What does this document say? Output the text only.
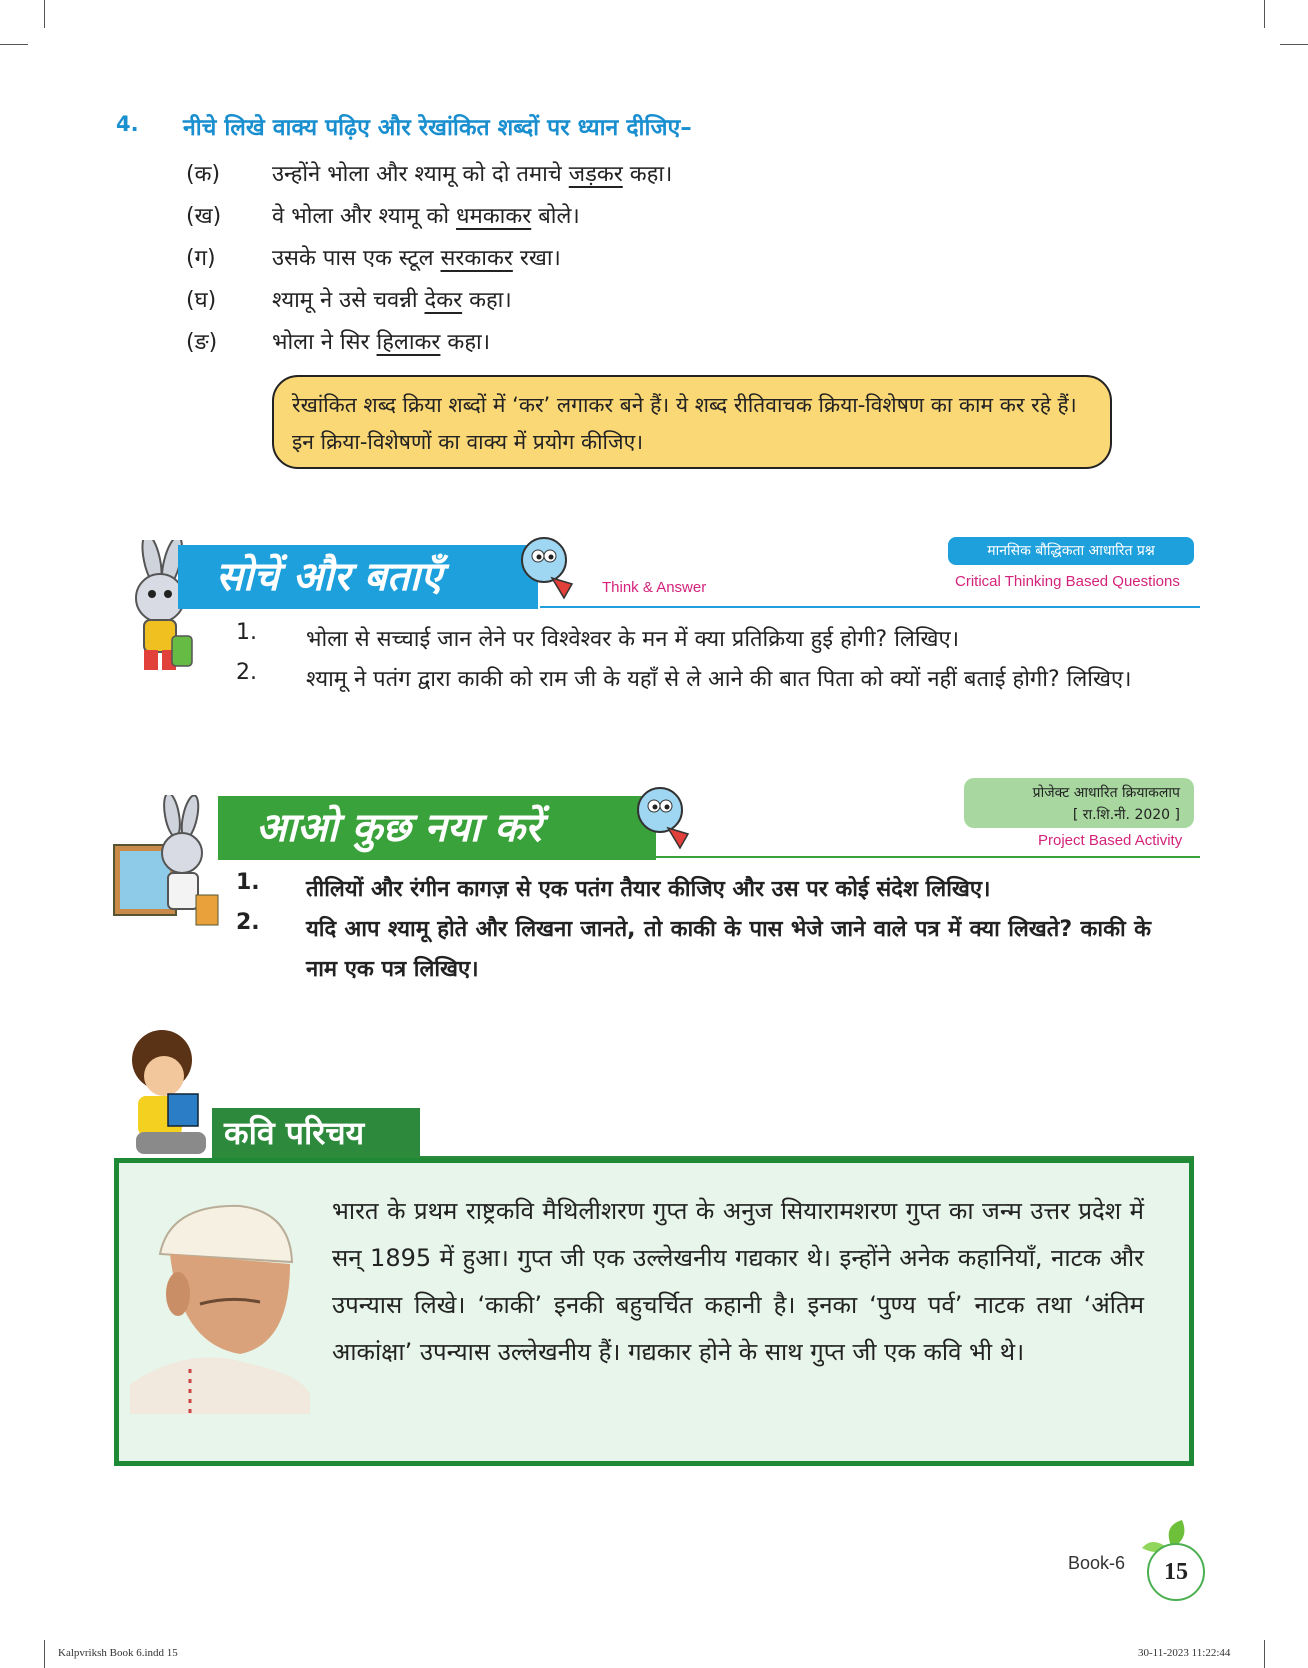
4. नीचे लिखे वाक्य पढ़िए और रेखांकित शब्दों पर ध्यान दीजिए–
(क) उन्होंने भोला और श्यामू को दो तमाचे जड़कर कहा।
(ख) वे भोला और श्यामू को धमकाकर बोले।
(ग)	उसके पास एक स्टूल सरकाकर रखा।
(घ)	श्यामू ने उसे चवन्नी देकर कहा।
(ङ) भोला ने सिर हिलाकर कहा।
रेखांकित शब्द क्रिया शब्दों में ‘कर’ लगाकर बने हैं। ये शब्द रीतिवाचक क्रिया-विशेषण का काम कर रहे हैं। इन क्रिया-विशेषणों का वाक्य में प्रयोग कीजिए।
सोचें और बताएँ	Think & Answer
मानसिक बौद्धिकता आधारित प्रश्न
Critical Thinking Based Questions
1.	भोला से सच्चाई जान लेने पर विश्वेश्वर के मन में क्या प्रतिक्रिया हुई होगी? लिखिए।
2.	श्यामू ने पतंग द्वारा काकी को राम जी के यहाँ से ले आने की बात पिता को क्यों नहीं बताई होगी? लिखिए।
आओ कुछ नया करें
प्रोजेक्ट आधारित क्रियाकलाप
[ रा.शि.नी. 2020 ]
Project Based Activity
1.	तीलियों और रंगीन कागज़ से एक पतंग तैयार कीजिए और उस पर कोई संदेश लिखिए।
2.	यदि आप श्यामू होते और लिखना जानते, तो काकी के पास भेजे जाने वाले पत्र में क्या लिखते? काकी के नाम एक पत्र लिखिए।
कवि परिचय
भारत के प्रथम राष्ट्रकवि मैथिलीशरण गुप्त के अनुज सियारामशरण गुप्त का जन्म उत्तर प्रदेश में सन् 1895 में हुआ। गुप्त जी एक उल्लेखनीय गद्यकार थे। इन्होंने अनेक कहानियाँ, नाटक और उपन्यास लिखे। ‘काकी’ इनकी बहुचर्चित कहानी है। इनका ‘पुण्य पर्व’ नाटक तथा ‘अंतिम आकांक्षा’ उपन्यास उल्लेखनीय हैं। गद्यकार होने के साथ गुप्त जी एक कवि भी थे।
Book-6	15
Kalpvriksh Book 6.indd 15	30-11-2023 11:22:44
